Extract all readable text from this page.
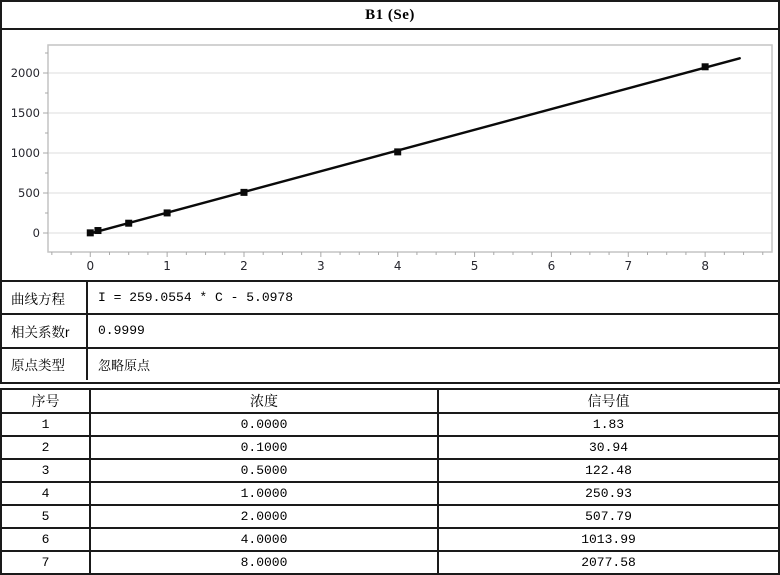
B1 (Se)
0
500
1000
1500
2000
0	1	2	3	4	5	6	7	8
曲线方程	I = 259.0554 * C - 5.0978
相关系数r	0.9999
原点类型	忽略原点
序号	浓度	信号值
1	0.0000	1.83
2	0.1000	30.94
3	0.5000	122.48
4	1.0000	250.93
5	2.0000	507.79
6	4.0000	1013.99
7	8.0000	2077.58
